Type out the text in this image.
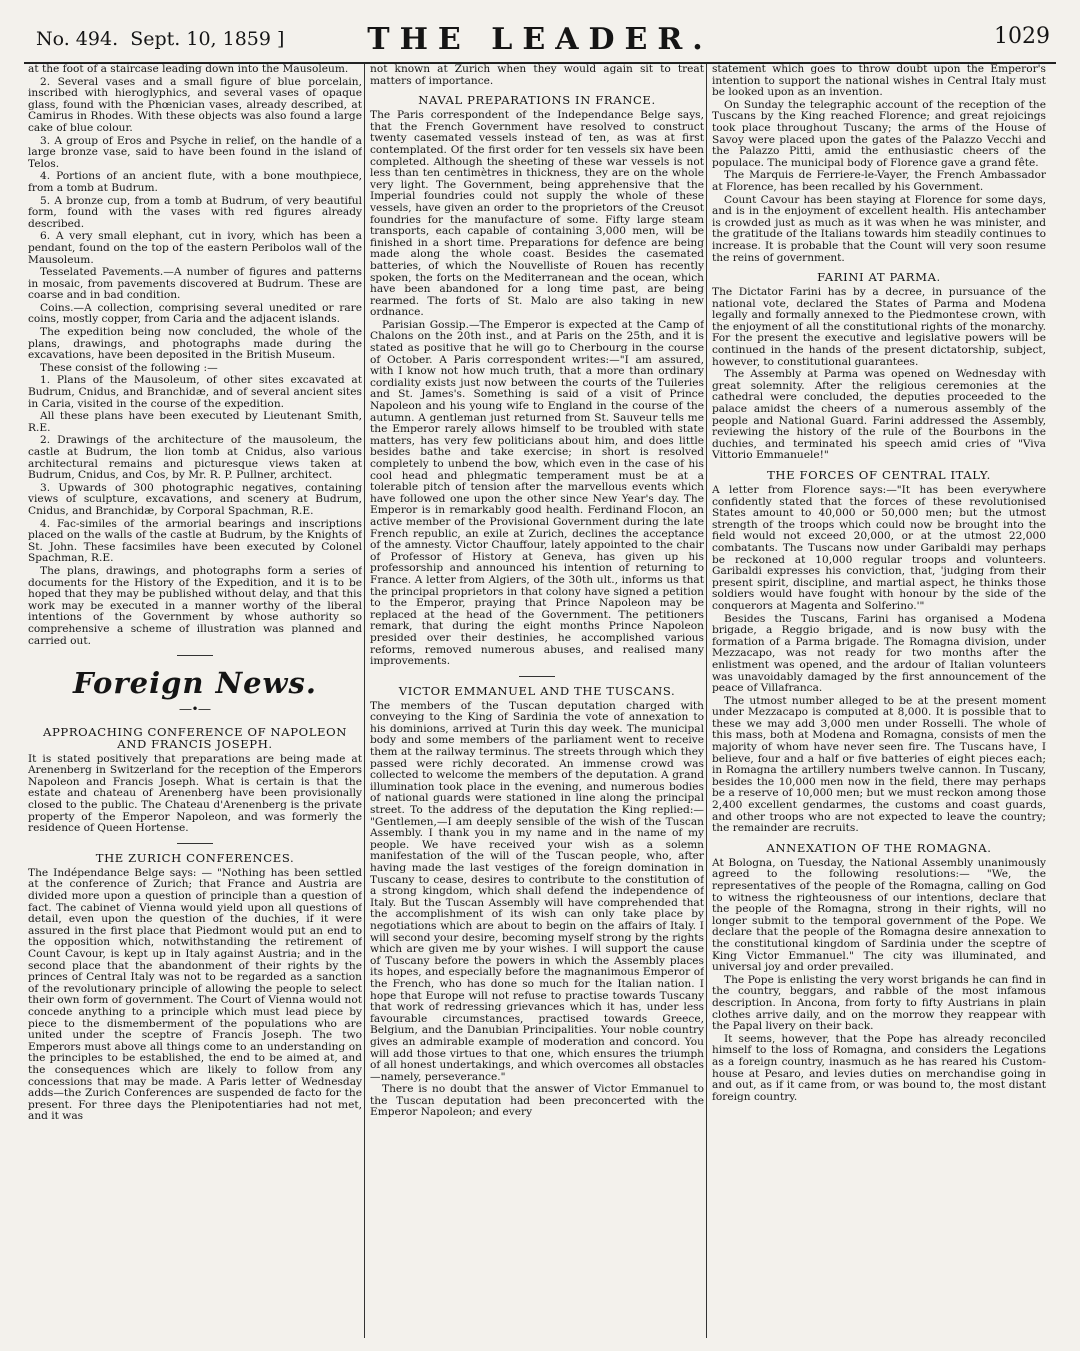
No. 494. Sept. 10, 1859 ]	THE LEADER.	1029

at the foot of a staircase leading down into the Mausoleum.

2. Several vases and a small figure of blue porcelain, inscribed with hieroglyphics, and several vases of opaque glass, found with the Phœnician vases, already described, at Camirus in Rhodes. With these objects was also found a large cake of blue colour.

3. A group of Eros and Psyche in relief, on the handle of a large bronze vase, said to have been found in the island of Telos.

4. Portions of an ancient flute, with a bone mouthpiece, from a tomb at Budrum.

5. A bronze cup, from a tomb at Budrum, of very beautiful form, found with the vases with red figures already described.

6. A very small elephant, cut in ivory, which has been a pendant, found on the top of the eastern Peribolos wall of the Mausoleum.

Tesselated Pavements.—A number of figures and patterns in mosaic, from pavements discovered at Budrum. These are coarse and in bad condition.

Coins.—A collection, comprising several unedited or rare coins, mostly copper, from Caria and the adjacent islands.

The expedition being now concluded, the whole of the plans, drawings, and photographs made during the excavations, have been deposited in the British Museum.

These consist of the following :—

1. Plans of the Mausoleum, of other sites excavated at Budrum, Cnidus, and Branchidæ, and of several ancient sites in Caria, visited in the course of the expedition.

All these plans have been executed by Lieutenant Smith, R.E.

2. Drawings of the architecture of the mausoleum, the castle at Budrum, the lion tomb at Cnidus, also various architectural remains and picturesque views taken at Budrum, Cnidus, and Cos, by Mr. R. P. Pullner, architect.

3. Upwards of 300 photographic negatives, containing views of sculpture, excavations, and scenery at Budrum, Cnidus, and Branchidæ, by Corporal Spachman, R.E.

4. Fac-similes of the armorial bearings and inscriptions placed on the walls of the castle at Budrum, by the Knights of St. John. These facsimiles have been executed by Colonel Spachman, R.E.

The plans, drawings, and photographs form a series of documents for the History of the Expedition, and it is to be hoped that they may be published without delay, and that this work may be executed in a manner worthy of the liberal intentions of the Government by whose authority so comprehensive a scheme of illustration was planned and carried out.

Foreign News.
―•―
APPROACHING CONFERENCE OF NAPOLEON AND FRANCIS JOSEPH.

It is stated positively that preparations are being made at Arenenberg in Switzerland for the reception of the Emperors Napoleon and Francis Joseph. What is certain is that the estate and chateau of Arenenberg have been provisionally closed to the public. The Chateau d'Arenenberg is the private property of the Emperor Napoleon, and was formerly the residence of Queen Hortense.

THE ZURICH CONFERENCES.

The Indépendance Belge says: — "Nothing has been settled at the conference of Zurich; that France and Austria are divided more upon a question of principle than a question of fact. The cabinet of Vienna would yield upon all questions of detail, even upon the question of the duchies, if it were assured in the first place that Piedmont would put an end to the opposition which, notwithstanding the retirement of Count Cavour, is kept up in Italy against Austria; and in the second place that the abandonment of their rights by the princes of Central Italy was not to be regarded as a sanction of the revolutionary principle of allowing the people to select their own form of government. The Court of Vienna would not concede anything to a principle which must lead piece by piece to the dismemberment of the populations who are united under the sceptre of Francis Joseph. The two Emperors must above all things come to an understanding on the principles to be established, the end to be aimed at, and the consequences which are likely to follow from any concessions that may be made. A Paris letter of Wednesday adds—the Zurich Conferences are suspended de facto for the present. For three days the Plenipotentiaries had not met, and it was

not known at Zurich when they would again sit to treat matters of importance.

NAVAL PREPARATIONS IN FRANCE.

The Paris correspondent of the Independance Belge says, that the French Government have resolved to construct twenty casemated vessels instead of ten, as was at first contemplated. Of the first order for ten vessels six have been completed. Although the sheeting of these war vessels is not less than ten centimètres in thickness, they are on the whole very light. The Government, being apprehensive that the Imperial foundries could not supply the whole of these vessels, have given an order to the proprietors of the Creusot foundries for the manufacture of some. Fifty large steam transports, each capable of containing 3,000 men, will be finished in a short time. Preparations for defence are being made along the whole coast. Besides the casemated batteries, of which the Nouvelliste of Rouen has recently spoken, the forts on the Mediterranean and the ocean, which have been abandoned for a long time past, are being rearmed. The forts of St. Malo are also taking in new ordnance.

Parisian Gossip.—The Emperor is expected at the Camp of Chalons on the 20th inst., and at Paris on the 25th, and it is stated as positive that he will go to Cherbourg in the course of October. A Paris correspondent writes:—"I am assured, with I know not how much truth, that a more than ordinary cordiality exists just now between the courts of the Tuileries and St. James's. Something is said of a visit of Prince Napoleon and his young wife to England in the course of the autumn. A gentleman just returned from St. Sauveur tells me the Emperor rarely allows himself to be troubled with state matters, has very few politicians about him, and does little besides bathe and take exercise; in short is resolved completely to unbend the bow, which even in the case of his cool head and phlegmatic temperament must be at a tolerable pitch of tension after the marvellous events which have followed one upon the other since New Year's day. The Emperor is in remarkably good health. Ferdinand Flocon, an active member of the Provisional Government during the late French republic, an exile at Zurich, declines the acceptance of the amnesty. Victor Chauffour, lately appointed to the chair of Professor of History at Geneva, has given up his professorship and announced his intention of returning to France. A letter from Algiers, of the 30th ult., informs us that the principal proprietors in that colony have signed a petition to the Emperor, praying that Prince Napoleon may be replaced at the head of the Government. The petitioners remark, that during the eight months Prince Napoleon presided over their destinies, he accomplished various reforms, removed numerous abuses, and realised many improvements.

VICTOR EMMANUEL AND THE TUSCANS.

The members of the Tuscan deputation charged with conveying to the King of Sardinia the vote of annexation to his dominions, arrived at Turin this day week. The municipal body and some members of the parliament went to receive them at the railway terminus. The streets through which they passed were richly decorated. An immense crowd was collected to welcome the members of the deputation. A grand illumination took place in the evening, and numerous bodies of national guards were stationed in line along the principal street. To the address of the deputation the King replied:— "Gentlemen,—I am deeply sensible of the wish of the Tuscan Assembly. I thank you in my name and in the name of my people. We have received your wish as a solemn manifestation of the will of the Tuscan people, who, after having made the last vestiges of the foreign domination in Tuscany to cease, desires to contribute to the constitution of a strong kingdom, which shall defend the independence of Italy. But the Tuscan Assembly will have comprehended that the accomplishment of its wish can only take place by negotiations which are about to begin on the affairs of Italy. I will second your desire, becoming myself strong by the rights which are given me by your wishes. I will support the cause of Tuscany before the powers in which the Assembly places its hopes, and especially before the magnanimous Emperor of the French, who has done so much for the Italian nation. I hope that Europe will not refuse to practise towards Tuscany that work of redressing grievances which it has, under less favourable circumstances, practised towards Greece, Belgium, and the Danubian Principalities. Your noble country gives an admirable example of moderation and concord. You will add those virtues to that one, which ensures the triumph of all honest undertakings, and which overcomes all obstacles—namely, perseverance."

There is no doubt that the answer of Victor Emmanuel to the Tuscan deputation had been preconcerted with the Emperor Napoleon; and every

statement which goes to throw doubt upon the Emperor's intention to support the national wishes in Central Italy must be looked upon as an invention.

On Sunday the telegraphic account of the reception of the Tuscans by the King reached Florence; and great rejoicings took place throughout Tuscany; the arms of the House of Savoy were placed upon the gates of the Palazzo Vecchi and the Palazzo Pitti, amid the enthusiastic cheers of the populace. The municipal body of Florence gave a grand fête.

The Marquis de Ferriere-le-Vayer, the French Ambassador at Florence, has been recalled by his Government.

Count Cavour has been staying at Florence for some days, and is in the enjoyment of excellent health. His antechamber is crowded just as much as it was when he was minister, and the gratitude of the Italians towards him steadily continues to increase. It is probable that the Count will very soon resume the reins of government.

FARINI AT PARMA.

The Dictator Farini has by a decree, in pursuance of the national vote, declared the States of Parma and Modena legally and formally annexed to the Piedmontese crown, with the enjoyment of all the constitutional rights of the monarchy. For the present the executive and legislative powers will be continued in the hands of the present dictatorship, subject, however, to constitutional guarantees.

The Assembly at Parma was opened on Wednesday with great solemnity. After the religious ceremonies at the cathedral were concluded, the deputies proceeded to the palace amidst the cheers of a numerous assembly of the people and National Guard. Farini addressed the Assembly, reviewing the history of the rule of the Bourbons in the duchies, and terminated his speech amid cries of "Viva Vittorio Emmanuele!"

THE FORCES OF CENTRAL ITALY.

A letter from Florence says:—"It has been everywhere confidently stated that the forces of these revolutionised States amount to 40,000 or 50,000 men; but the utmost strength of the troops which could now be brought into the field would not exceed 20,000, or at the utmost 22,000 combatants. The Tuscans now under Garibaldi may perhaps be reckoned at 10,000 regular troops and volunteers. Garibaldi expresses his conviction, that, 'judging from their present spirit, discipline, and martial aspect, he thinks those soldiers would have fought with honour by the side of the conquerors at Magenta and Solferino.'"

Besides the Tuscans, Farini has organised a Modena brigade, a Reggio brigade, and is now busy with the formation of a Parma brigade. The Romagna division, under Mezzacapo, was not ready for two months after the enlistment was opened, and the ardour of Italian volunteers was unavoidably damaged by the first announcement of the peace of Villafranca.

The utmost number alleged to be at the present moment under Mezzacapo is computed at 8,000. It is possible that to these we may add 3,000 men under Rosselli. The whole of this mass, both at Modena and Romagna, consists of men the majority of whom have never seen fire. The Tuscans have, I believe, four and a half or five batteries of eight pieces each; in Romagna the artillery numbers twelve cannon. In Tuscany, besides the 10,000 men now in the field, there may perhaps be a reserve of 10,000 men; but we must reckon among those 2,400 excellent gendarmes, the customs and coast guards, and other troops who are not expected to leave the country; the remainder are recruits.

ANNEXATION OF THE ROMAGNA.

At Bologna, on Tuesday, the National Assembly unanimously agreed to the following resolutions:— "We, the representatives of the people of the Romagna, calling on God to witness the righteousness of our intentions, declare that the people of the Romagna, strong in their rights, will no longer submit to the temporal government of the Pope. We declare that the people of the Romagna desire annexation to the constitutional kingdom of Sardinia under the sceptre of King Victor Emmanuel." The city was illuminated, and universal joy and order prevailed.

The Pope is enlisting the very worst brigands he can find in the country, beggars, and rabble of the most infamous description. In Ancona, from forty to fifty Austrians in plain clothes arrive daily, and on the morrow they reappear with the Papal livery on their back.

It seems, however, that the Pope has already reconciled himself to the loss of Romagna, and considers the Legations as a foreign country, inasmuch as he has reared his Custom-house at Pesaro, and levies duties on merchandise going in and out, as if it came from, or was bound to, the most distant foreign country.
